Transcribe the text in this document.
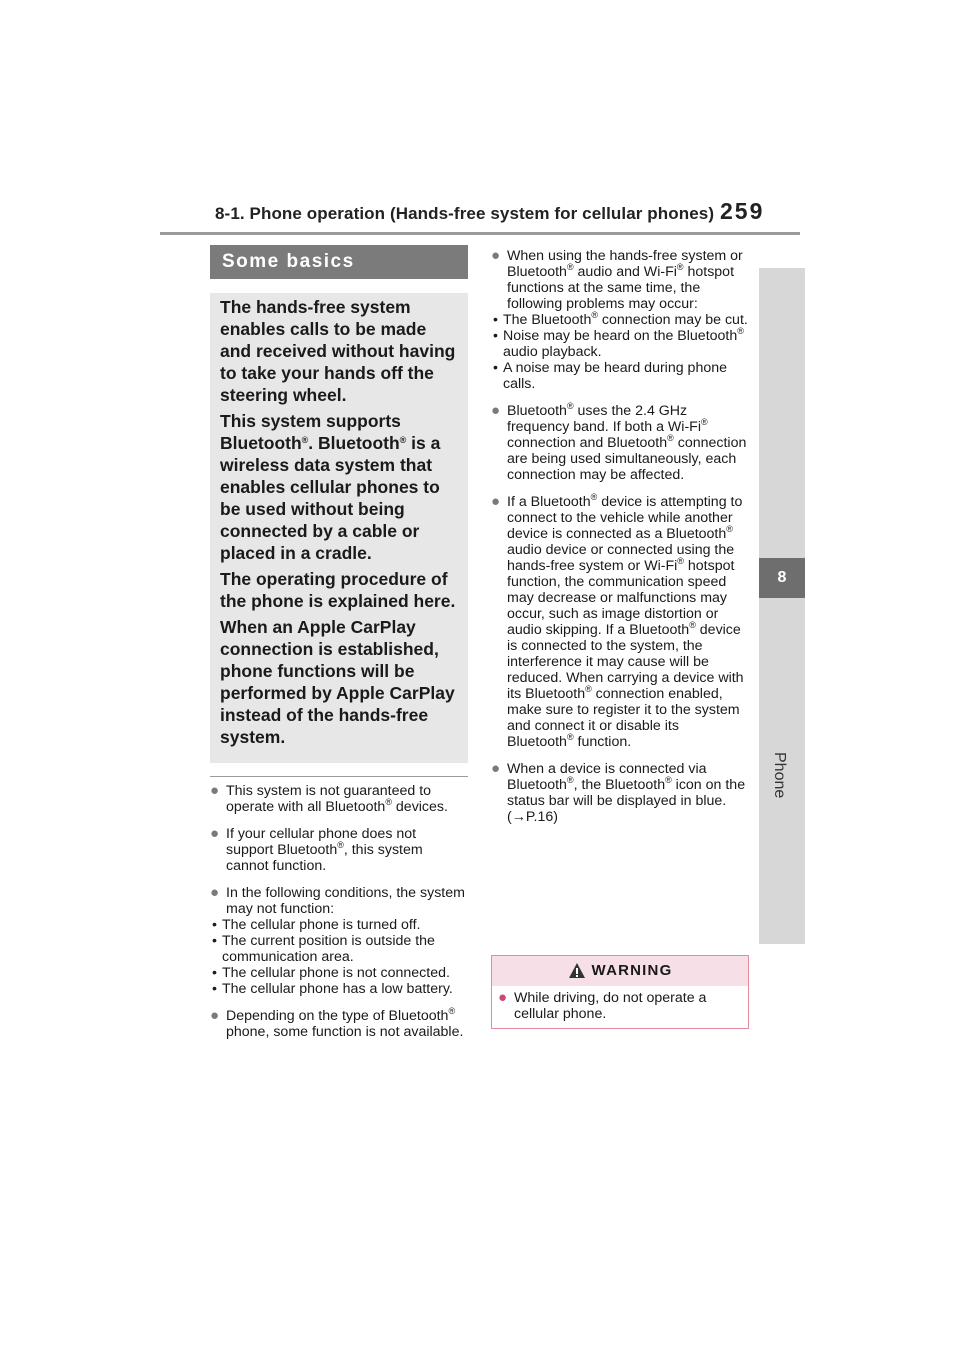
8-1. Phone operation (Hands-free system for cellular phones) 259
8
Phone
Some basics

The hands-free system enables calls to be made and received without having to take your hands off the steering wheel.

This system supports Bluetooth®. Bluetooth® is a wireless data system that enables cellular phones to be used without being connected by a cable or placed in a cradle.

The operating procedure of the phone is explained here.

When an Apple CarPlay connection is established, phone functions will be performed by Apple CarPlay instead of the hands-free system.

● This system is not guaranteed to operate with all Bluetooth® devices.
● If your cellular phone does not support Bluetooth®, this system cannot function.
● In the following conditions, the system may not function:
• The cellular phone is turned off.
• The current position is outside the communication area.
• The cellular phone is not connected.
• The cellular phone has a low battery.
● Depending on the type of Bluetooth® phone, some function is not available.
● When using the hands-free system or Bluetooth® audio and Wi-Fi® hotspot functions at the same time, the following problems may occur:
• The Bluetooth® connection may be cut.
• Noise may be heard on the Bluetooth® audio playback.
• A noise may be heard during phone calls.
● Bluetooth® uses the 2.4 GHz frequency band. If both a Wi-Fi® connection and Bluetooth® connection are being used simultaneously, each connection may be affected.
● If a Bluetooth® device is attempting to connect to the vehicle while another device is connected as a Bluetooth® audio device or connected using the hands-free system or Wi-Fi® hotspot function, the communication speed may decrease or malfunctions may occur, such as image distortion or audio skipping. If a Bluetooth® device is connected to the system, the interference it may cause will be reduced. When carrying a device with its Bluetooth® connection enabled, make sure to register it to the system and connect it or disable its Bluetooth® function.
● When a device is connected via Bluetooth®, the Bluetooth® icon on the status bar will be displayed in blue. (→P.16)
WARNING
● While driving, do not operate a cellular phone.
